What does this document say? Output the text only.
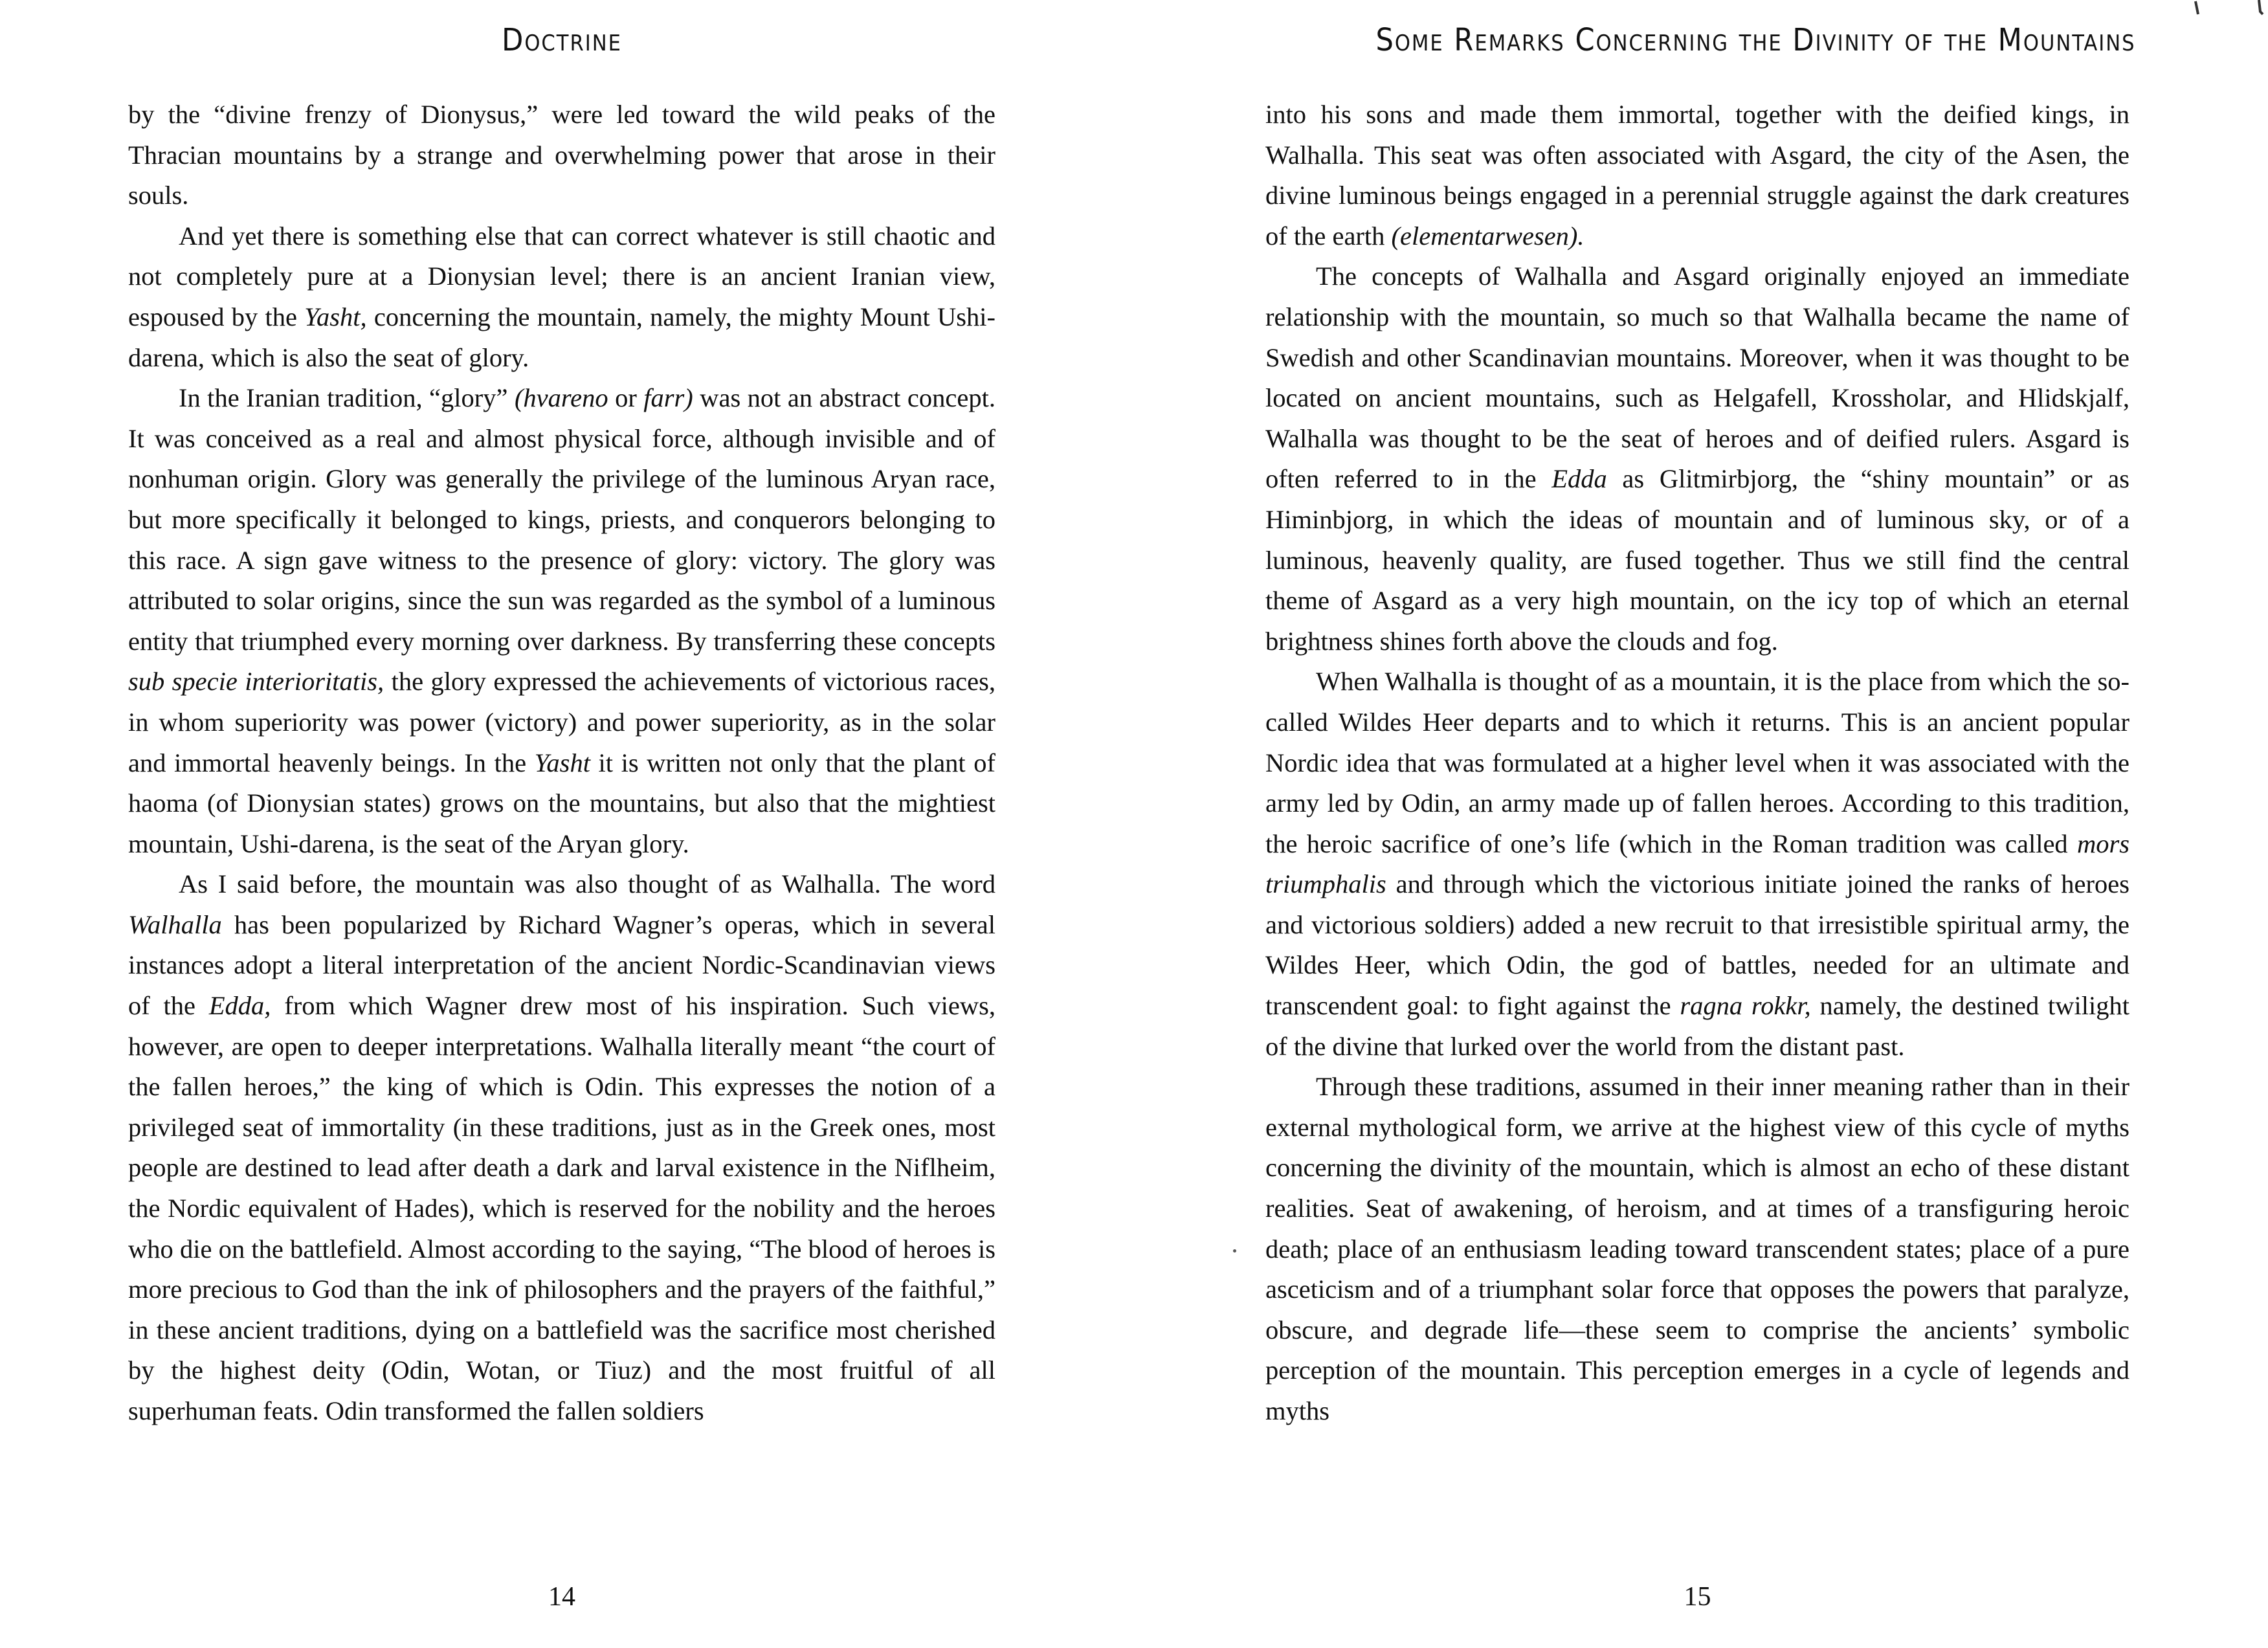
Doctrine

by the “divine frenzy of Dionysus,” were led toward the wild peaks of the Thracian mountains by a strange and overwhelming power that arose in their souls.

And yet there is something else that can correct whatever is still chaotic and not completely pure at a Dionysian level; there is an ancient Iranian view, espoused by the Yasht, concerning the mountain, namely, the mighty Mount Ushi-darena, which is also the seat of glory.

In the Iranian tradition, “glory” (hvareno or farr) was not an abstract concept. It was conceived as a real and almost physical force, although invisible and of nonhuman origin. Glory was generally the privilege of the luminous Aryan race, but more specifically it belonged to kings, priests, and conquerors belonging to this race. A sign gave witness to the presence of glory: victory. The glory was attributed to solar origins, since the sun was regarded as the symbol of a luminous entity that triumphed every morning over darkness. By transferring these concepts sub specie interioritatis, the glory expressed the achievements of victorious races, in whom superiority was power (victory) and power superiority, as in the solar and immortal heavenly beings. In the Yasht it is written not only that the plant of haoma (of Dionysian states) grows on the mountains, but also that the mightiest mountain, Ushi-darena, is the seat of the Aryan glory.

As I said before, the mountain was also thought of as Walhalla. The word Walhalla has been popularized by Richard Wagner’s operas, which in several instances adopt a literal interpretation of the ancient Nordic-Scandinavian views of the Edda, from which Wagner drew most of his inspiration. Such views, however, are open to deeper interpretations. Walhalla literally meant “the court of the fallen heroes,” the king of which is Odin. This expresses the notion of a privileged seat of immortality (in these traditions, just as in the Greek ones, most people are destined to lead after death a dark and larval existence in the Niflheim, the Nordic equivalent of Hades), which is reserved for the nobility and the heroes who die on the battlefield. Almost according to the saying, “The blood of heroes is more precious to God than the ink of philosophers and the prayers of the faithful,” in these ancient traditions, dying on a battlefield was the sacrifice most cherished by the highest deity (Odin, Wotan, or Tiuz) and the most fruitful of all superhuman feats. Odin transformed the fallen soldiers

14
Some Remarks Concerning the Divinity of the Mountains

into his sons and made them immortal, together with the deified kings, in Walhalla. This seat was often associated with Asgard, the city of the Asen, the divine luminous beings engaged in a perennial struggle against the dark creatures of the earth (elementarwesen).

The concepts of Walhalla and Asgard originally enjoyed an immediate relationship with the mountain, so much so that Walhalla became the name of Swedish and other Scandinavian mountains. Moreover, when it was thought to be located on ancient mountains, such as Helgafell, Krossholar, and Hlidskjalf, Walhalla was thought to be the seat of heroes and of deified rulers. Asgard is often referred to in the Edda as Glitmirbjorg, the “shiny mountain” or as Himinbjorg, in which the ideas of mountain and of luminous sky, or of a luminous, heavenly quality, are fused together. Thus we still find the central theme of Asgard as a very high mountain, on the icy top of which an eternal brightness shines forth above the clouds and fog.

When Walhalla is thought of as a mountain, it is the place from which the so-called Wildes Heer departs and to which it returns. This is an ancient popular Nordic idea that was formulated at a higher level when it was associated with the army led by Odin, an army made up of fallen heroes. According to this tradition, the heroic sacrifice of one’s life (which in the Roman tradition was called mors triumphalis and through which the victorious initiate joined the ranks of heroes and victorious soldiers) added a new recruit to that irresistible spiritual army, the Wildes Heer, which Odin, the god of battles, needed for an ultimate and transcendent goal: to fight against the ragna rokkr, namely, the destined twilight of the divine that lurked over the world from the distant past.

Through these traditions, assumed in their inner meaning rather than in their external mythological form, we arrive at the highest view of this cycle of myths concerning the divinity of the mountain, which is almost an echo of these distant realities. Seat of awakening, of heroism, and at times of a transfiguring heroic death; place of an enthusiasm leading toward transcendent states; place of a pure asceticism and of a triumphant solar force that opposes the powers that paralyze, obscure, and degrade life—these seem to comprise the ancients’ symbolic perception of the mountain. This perception emerges in a cycle of legends and myths

15
